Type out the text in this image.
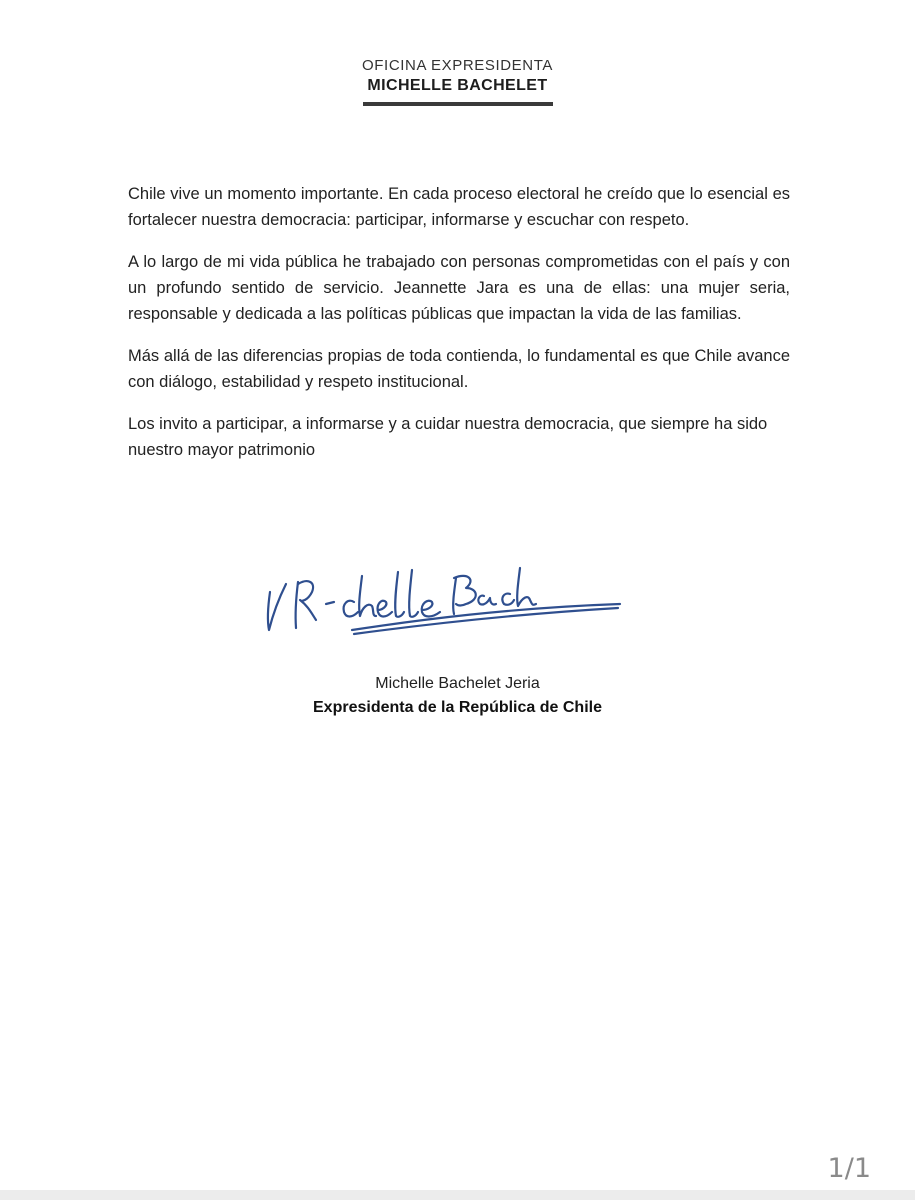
OFICINA EXPRESIDENTA
MICHELLE BACHELET

Chile vive un momento importante. En cada proceso electoral he creído que lo esencial es fortalecer nuestra democracia: participar, informarse y escuchar con respeto.

A lo largo de mi vida pública he trabajado con personas comprometidas con el país y con un profundo sentido de servicio. Jeannette Jara es una de ellas: una mujer seria, responsable y dedicada a las políticas públicas que impactan la vida de las familias.

Más allá de las diferencias propias de toda contienda, lo fundamental es que Chile avance con diálogo, estabilidad y respeto institucional.

Los invito a participar, a informarse y a cuidar nuestra democracia, que siempre ha sido nuestro mayor patrimonio

Michelle Bachelet Jeria
Expresidenta de la República de Chile
1/1
